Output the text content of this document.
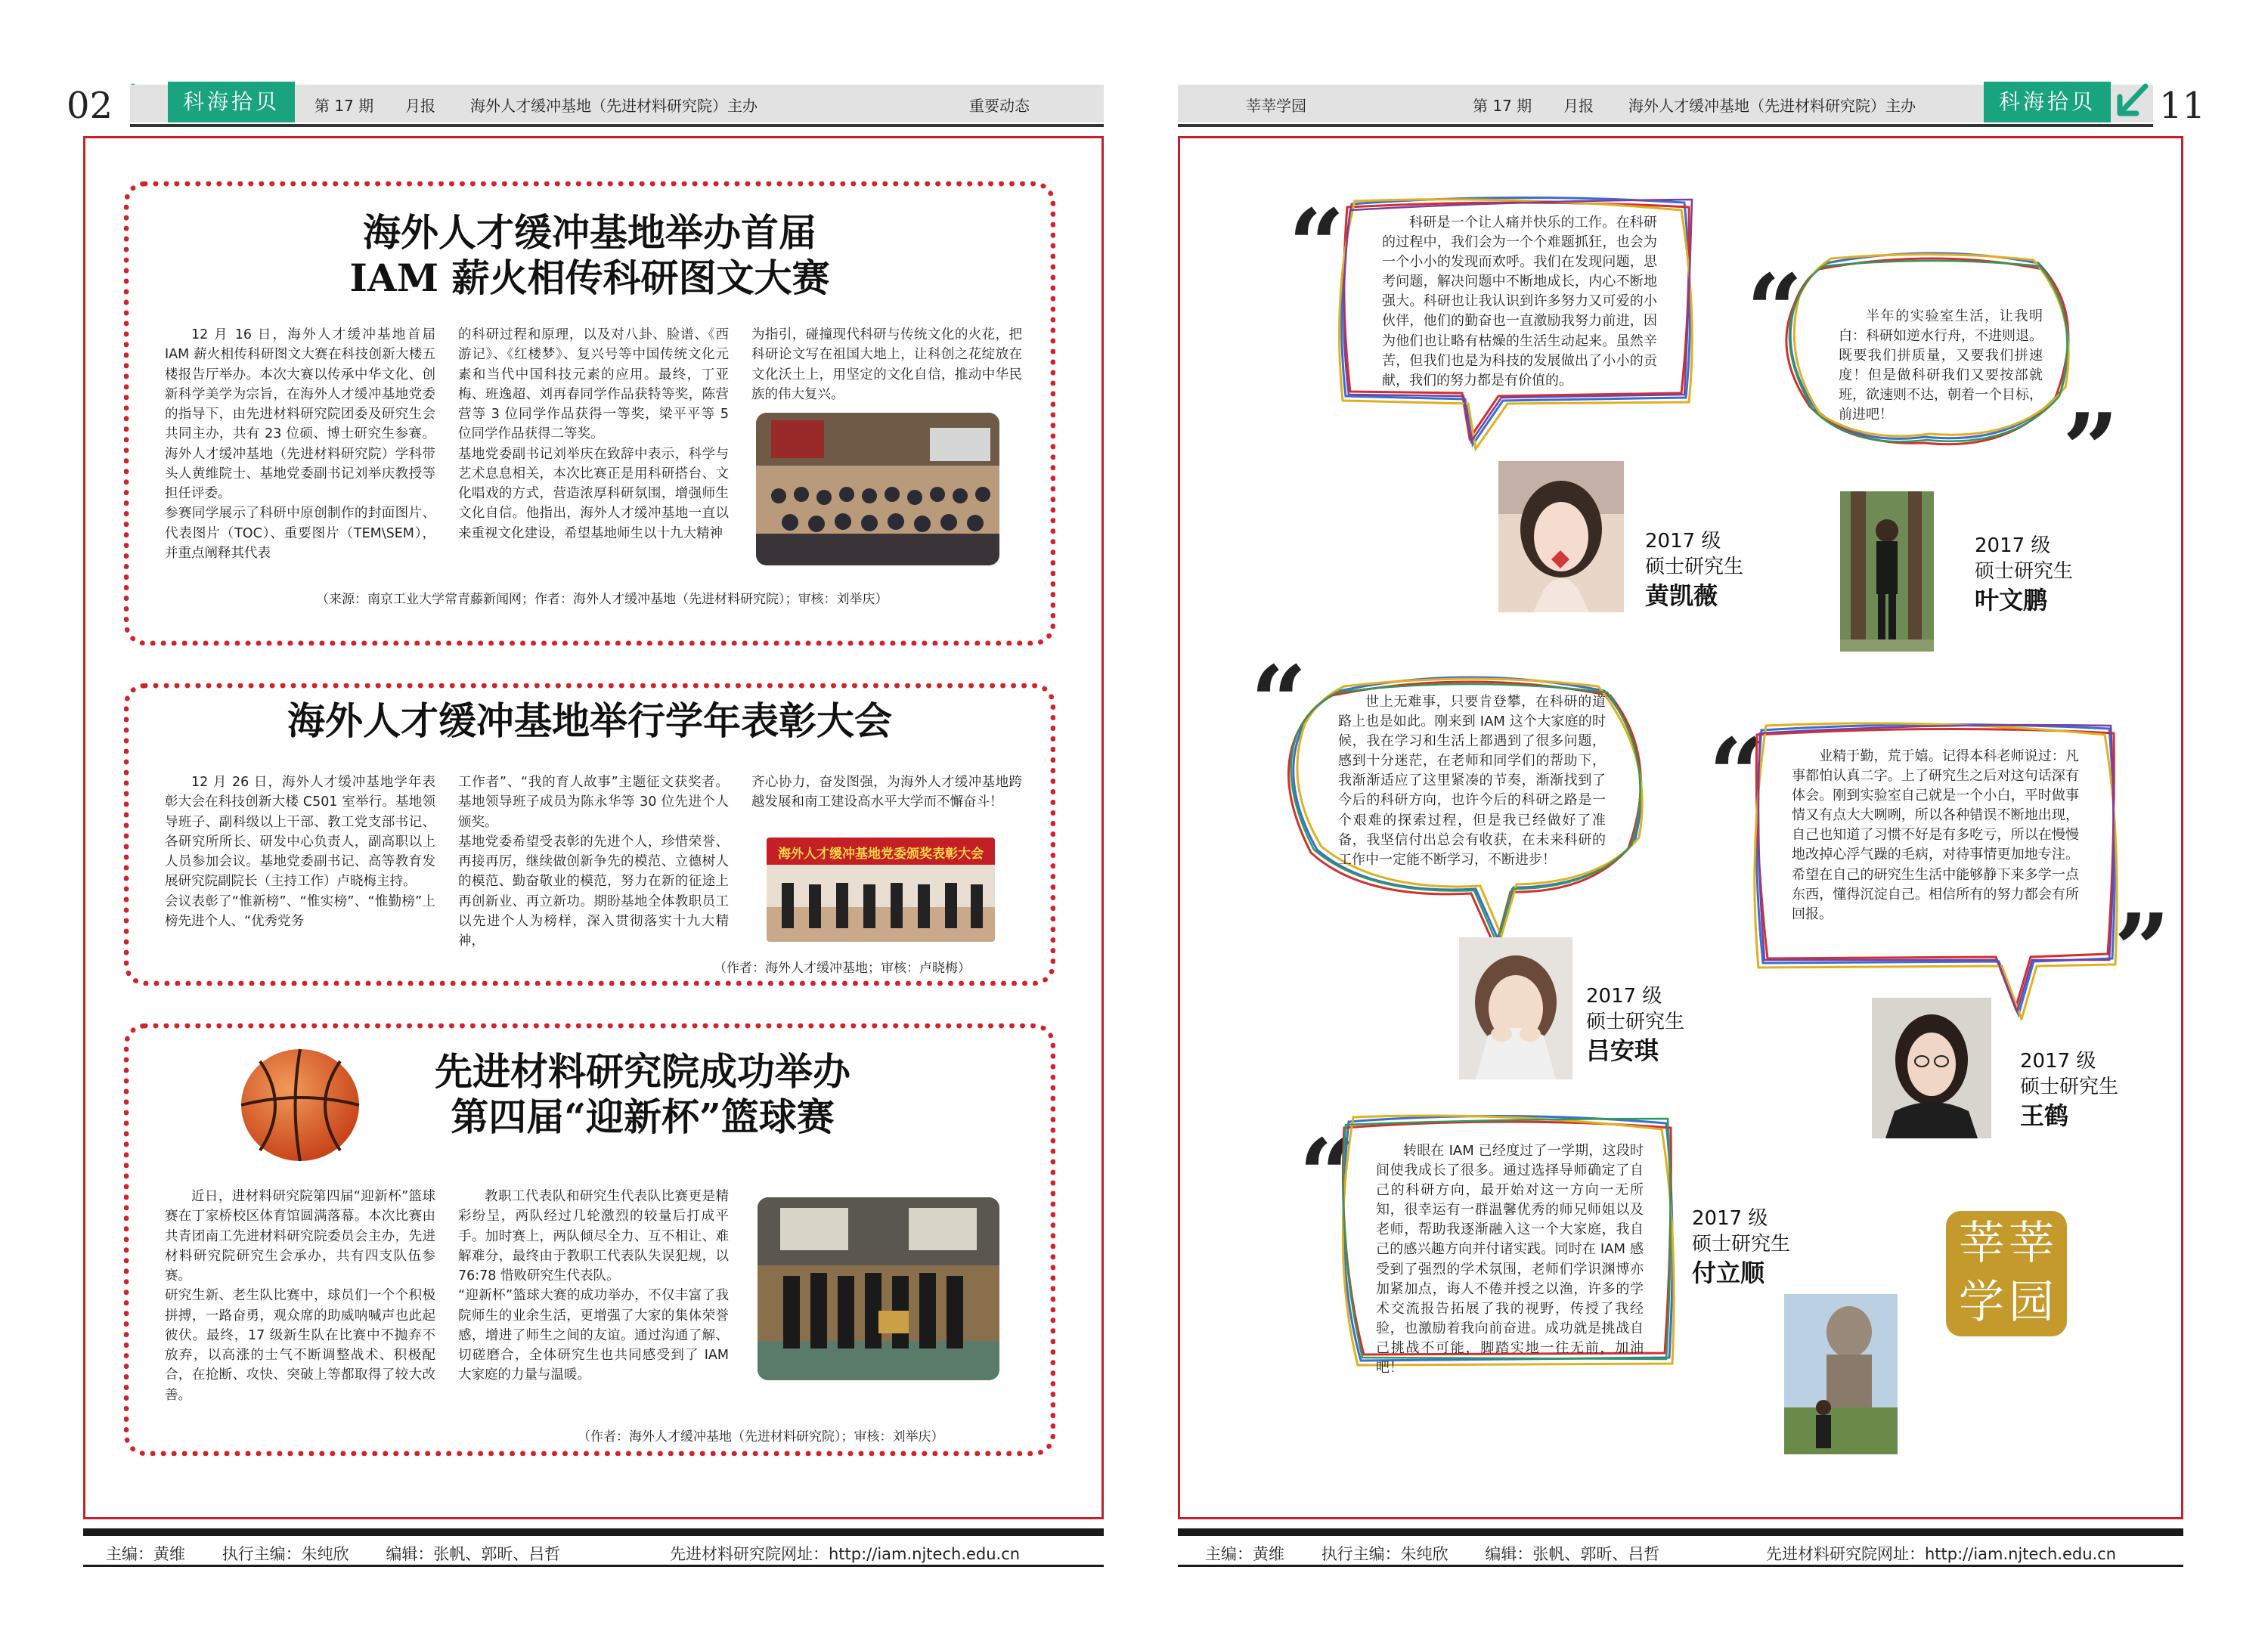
02	科海拾贝	第 17 期 月报 海外人才缓冲基地（先进材料研究院）主办	重要动态
海外人才缓冲基地举办首届
IAM 薪火相传科研图文大赛
12 月 16 日，海外人才缓冲基地首届 IAM 薪火相传科研图文大赛在科技创新大楼五楼报告厅举办。本次大赛以传承中华文化、创新科学美学为宗旨，在海外人才缓冲基地党委的指导下，由先进材料研究院团委及研究生会共同主办，共有 23 位硕、博士研究生参赛。海外人才缓冲基地（先进材料研究院）学科带头人黄维院士、基地党委副书记刘举庆教授等担任评委。
参赛同学展示了科研中原创制作的封面图片、代表图片（TOC）、重要图片（TEM\SEM），并重点阐释其代表
的科研过程和原理，以及对八卦、脸谱、《西游记》、《红楼梦》、复兴号等中国传统文化元素和当代中国科技元素的应用。最终，丁亚梅、班逸超、刘再春同学作品获特等奖，陈营营等 3 位同学作品获得一等奖，梁平平等 5 位同学作品获得二等奖。
基地党委副书记刘举庆在致辞中表示，科学与艺术息息相关，本次比赛正是用科研搭台、文化唱戏的方式，营造浓厚科研氛围，增强师生文化自信。他指出，海外人才缓冲基地一直以来重视文化建设，希望基地师生以十九大精神
为指引，碰撞现代科研与传统文化的火花，把科研论文写在祖国大地上，让科创之花绽放在文化沃土上，用坚定的文化自信，推动中华民族的伟大复兴。
（来源：南京工业大学常青藤新闻网；作者：海外人才缓冲基地（先进材料研究院）；审核：刘举庆）
海外人才缓冲基地举行学年表彰大会
12 月 26 日，海外人才缓冲基地学年表彰大会在科技创新大楼 C501 室举行。基地领导班子、副科级以上干部、教工党支部书记、各研究所所长、研发中心负责人，副高职以上人员参加会议。基地党委副书记、高等教育发展研究院副院长（主持工作）卢晓梅主持。
会议表彰了“惟新榜”、“惟实榜”、“惟勤榜”上榜先进个人、“优秀党务
工作者”、“我的育人故事”主题征文获奖者。基地领导班子成员为陈永华等 30 位先进个人颁奖。
基地党委希望受表彰的先进个人，珍惜荣誉、再接再厉，继续做创新争先的模范、立德树人的模范、勤奋敬业的模范，努力在新的征途上再创新业、再立新功。期盼基地全体教职员工以先进个人为榜样，深入贯彻落实十九大精神，
齐心协力，奋发图强，为海外人才缓冲基地跨越发展和南工建设高水平大学而不懈奋斗！
海外人才缓冲基地党委颁奖表彰大会
（作者：海外人才缓冲基地；审核：卢晓梅）
先进材料研究院成功举办
第四届“迎新杯”篮球赛
近日，进材料研究院第四届“迎新杯”篮球赛在丁家桥校区体育馆圆满落幕。本次比赛由共青团南工先进材料研究院委员会主办，先进材料研究院研究生会承办，共有四支队伍参赛。
研究生新、老生队比赛中，球员们一个个积极拼搏，一路奋勇，观众席的助威呐喊声也此起彼伏。最终，17 级新生队在比赛中不抛弃不放弃，以高涨的士气不断调整战术、积极配合，在抢断、攻快、突破上等都取得了较大改善。
教职工代表队和研究生代表队比赛更是精彩纷呈，两队经过几轮激烈的较量后打成平手。加时赛上，两队倾尽全力、互不相让、难解难分，最终由于教职工代表队失误犯规，以 76:78 惜败研究生代表队。
“迎新杯”篮球大赛的成功举办，不仅丰富了我院师生的业余生活，更增强了大家的集体荣誉感，增进了师生之间的友谊。通过沟通了解、切磋磨合，全体研究生也共同感受到了 IAM 大家庭的力量与温暖。
（作者：海外人才缓冲基地（先进材料研究院）；审核：刘举庆）
主编：黄维 执行主编：朱纯欣 编辑：张帆、郭昕、吕哲	先进材料研究院网址：http://iam.njtech.edu.cn
莘莘学园	第 17 期 月报 海外人才缓冲基地（先进材料研究院）主办	科海拾贝	11
“	科研是一个让人痛并快乐的工作。在科研的过程中，我们会为一个个难题抓狂，也会为一个小小的发现而欢呼。我们在发现问题，思考问题，解决问题中不断地成长，内心不断地强大。科研也让我认识到许多努力又可爱的小伙伴，他们的勤奋也一直激励我努力前进，因为他们也让略有枯燥的生活生动起来。虽然辛苦，但我们也是为科技的发展做出了小小的贡献，我们的努力都是有价值的。
2017 级
硕士研究生
黄凯薇
“	半年的实验室生活，让我明白：科研如逆水行舟，不进则退。既要我们拼质量，又要我们拼速度！但是做科研我们又要按部就班，欲速则不达，朝着一个目标，前进吧！	”
2017 级
硕士研究生
叶文鹏
“	世上无难事，只要肯登攀，在科研的道路上也是如此。刚来到 IAM 这个大家庭的时候，我在学习和生活上都遇到了很多问题，感到十分迷茫，在老师和同学们的帮助下，我渐渐适应了这里紧凑的节奏，渐渐找到了今后的科研方向，也许今后的科研之路是一个艰难的探索过程，但是我已经做好了准备，我坚信付出总会有收获，在未来科研的工作中一定能不断学习，不断进步！
2017 级
硕士研究生
吕安琪
“	业精于勤，荒于嬉。记得本科老师说过：凡事都怕认真二字。上了研究生之后对这句话深有体会。刚到实验室自己就是一个小白，平时做事情又有点大大咧咧，所以各种错误不断地出现，自己也知道了习惯不好是有多吃亏，所以在慢慢地改掉心浮气躁的毛病，对待事情更加地专注。希望在自己的研究生生活中能够静下来多学一点东西，懂得沉淀自己。相信所有的努力都会有所回报。	”
2017 级
硕士研究生
王鹤
“	转眼在 IAM 已经度过了一学期，这段时间使我成长了很多。通过选择导师确定了自己的科研方向，最开始对这一方向一无所知，很幸运有一群温馨优秀的师兄师姐以及老师，帮助我逐渐融入这一个大家庭，我自己的感兴趣方向并付诸实践。同时在 IAM 感受到了强烈的学术氛围，老师们学识渊博亦加紧加点，诲人不倦并授之以渔，许多的学术交流报告拓展了我的视野，传授了我经验，也激励着我向前奋进。成功就是挑战自己挑战不可能，脚踏实地一往无前，加油吧！
2017 级
硕士研究生
付立顺
莘 莘
学 园
主编：黄维 执行主编：朱纯欣 编辑：张帆、郭昕、吕哲	先进材料研究院网址：http://iam.njtech.edu.cn
